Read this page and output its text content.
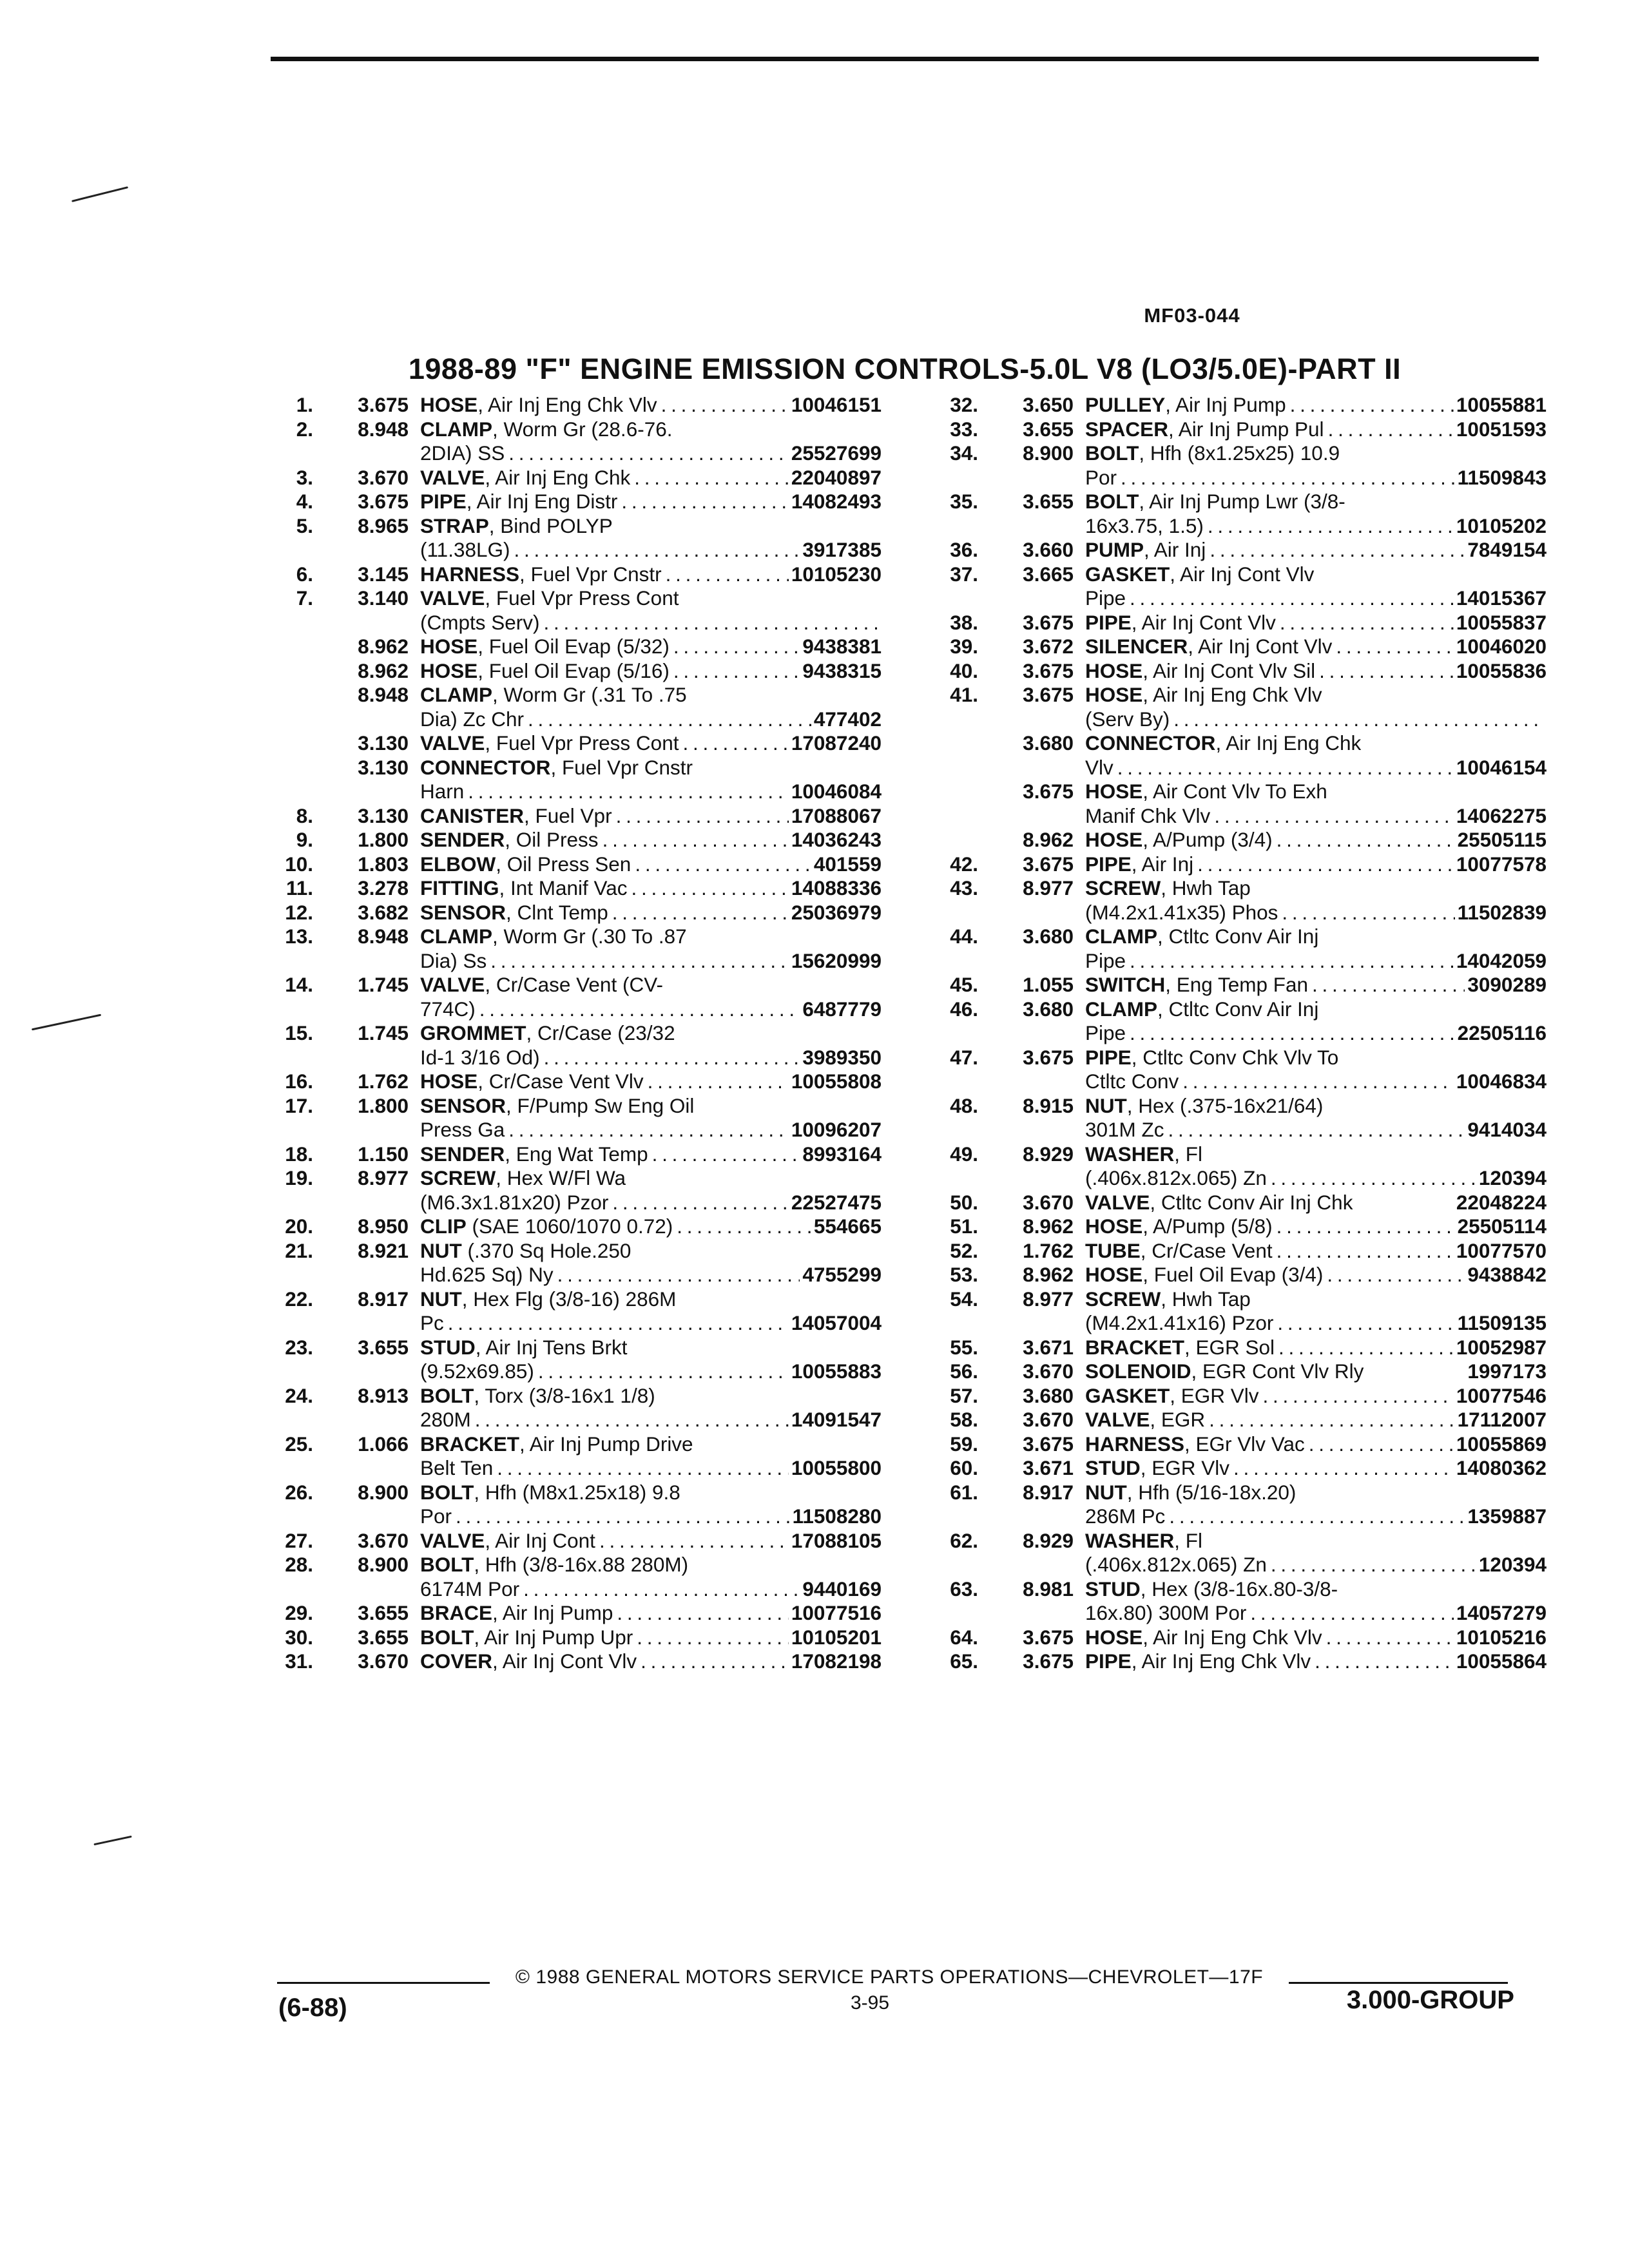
MF03-044
1988-89 "F" ENGINE EMISSION CONTROLS-5.0L V8 (LO3/5.0E)-PART II
1.	3.675 HOSE, Air Inj Eng Chk Vlv . . .	10046151
2.	8.948 CLAMP, Worm Gr (28.6-76.
2DIA) SS . . .	25527699
3.	3.670 VALVE, Air Inj Eng Chk . . .	22040897
4.	3.675 PIPE, Air Inj Eng Distr . . .	14082493
5.	8.965 STRAP, Bind POLYP
(11.38LG) . . .	3917385
6.	3.145 HARNESS, Fuel Vpr Cnstr . . .	10105230
7.	3.140 VALVE, Fuel Vpr Press Cont
(Cmpts Serv)
. . .
8.962 HOSE, Fuel Oil Evap (5/32) . . .	9438381
8.962 HOSE, Fuel Oil Evap (5/16) . . .	9438315
8.948 CLAMP, Worm Gr (.31 To .75
Dia) Zc Chr . . .	477402
3.130 VALVE, Fuel Vpr Press Cont . . .	17087240
3.130 CONNECTOR, Fuel Vpr Cnstr
Harn . . .	10046084
8.	3.130 CANISTER, Fuel Vpr . . .	17088067
9.	1.800 SENDER, Oil Press . . .	14036243
10.	1.803 ELBOW, Oil Press Sen . . .	401559
11.	3.278 FITTING, Int Manif Vac . . .	14088336
12.	3.682 SENSOR, Clnt Temp . . .	25036979
13.	8.948 CLAMP, Worm Gr (.30 To .87
Dia) Ss . . .	15620999
14.	1.745 VALVE, Cr/Case Vent (CV-
774C) . . .	6487779
15.	1.745 GROMMET, Cr/Case (23/32
Id-1 3/16 Od) . . .	3989350
16.	1.762 HOSE, Cr/Case Vent Vlv . . .	10055808
17.	1.800 SENSOR, F/Pump Sw Eng Oil
Press Ga . . .	10096207
18.	1.150 SENDER, Eng Wat Temp . . .	8993164
19.	8.977 SCREW, Hex W/Fl Wa
(M6.3x1.81x20) Pzor . . .	22527475
20.	8.950 CLIP (SAE 1060/1070 0.72) . . .	554665
21.	8.921 NUT (.370 Sq Hole.250
Hd.625 Sq) Ny . . .	4755299
22.	8.917 NUT, Hex Flg (3/8-16) 286M
Pc . . .	14057004
23.	3.655 STUD, Air Inj Tens Brkt
(9.52x69.85) . . .	10055883
24.	8.913 BOLT, Torx (3/8-16x1 1/8)
280M . . .	14091547
25.	1.066 BRACKET, Air Inj Pump Drive
Belt Ten . . .	10055800
26.	8.900 BOLT, Hfh (M8x1.25x18) 9.8
Por . . .	11508280
27.	3.670 VALVE, Air Inj Cont . . .	17088105
28.	8.900 BOLT, Hfh (3/8-16x.88 280M)
6174M Por . . .	9440169
29.	3.655 BRACE, Air Inj Pump . . .	10077516
30.	3.655 BOLT, Air Inj Pump Upr . . .	10105201
31.	3.670 COVER, Air Inj Cont Vlv . . .	17082198
32.	3.650 PULLEY, Air Inj Pump . . .	10055881
33.	3.655 SPACER, Air Inj Pump Pul . . .	10051593
34.	8.900 BOLT, Hfh (8x1.25x25) 10.9
Por . . .	11509843
35.	3.655 BOLT, Air Inj Pump Lwr (3/8-
16x3.75, 1.5) . . .	10105202
36.	3.660 PUMP, Air Inj . . .	7849154
37.	3.665 GASKET, Air Inj Cont Vlv
Pipe . . .	14015367
38.	3.675 PIPE, Air Inj Cont Vlv . . .	10055837
39.	3.672 SILENCER, Air Inj Cont Vlv . . .	10046020
40.	3.675 HOSE, Air Inj Cont Vlv Sil . . .	10055836
41.	3.675 HOSE, Air Inj Eng Chk Vlv
(Serv By)
. . .
3.680 CONNECTOR, Air Inj Eng Chk
Vlv . . .	10046154
3.675 HOSE, Air Cont Vlv To Exh
Manif Chk Vlv . . .	14062275
8.962 HOSE, A/Pump (3/4) . . .	25505115
42.	3.675 PIPE, Air Inj . . .	10077578
43.	8.977 SCREW, Hwh Tap
(M4.2x1.41x35) Phos . . .	11502839
44.	3.680 CLAMP, Ctltc Conv Air Inj
Pipe . . .	14042059
45.	1.055 SWITCH, Eng Temp Fan . . .	3090289
46.	3.680 CLAMP, Ctltc Conv Air Inj
Pipe . . .	22505116
47.	3.675 PIPE, Ctltc Conv Chk Vlv To
Ctltc Conv . . .	10046834
48.	8.915 NUT, Hex (.375-16x21/64)
301M Zc . . .	9414034
49.	8.929 WASHER, Fl
(.406x.812x.065) Zn . . .	120394
50.	3.670 VALVE, Ctltc Conv Air Inj Chk	22048224
51.	8.962 HOSE, A/Pump (5/8) . . .	25505114
52.	1.762 TUBE, Cr/Case Vent . . .	10077570
53.	8.962 HOSE, Fuel Oil Evap (3/4) . . .	9438842
54.	8.977 SCREW, Hwh Tap
(M4.2x1.41x16) Pzor . . .	11509135
55.	3.671 BRACKET, EGR Sol . . .	10052987
56.	3.670 SOLENOID, EGR Cont Vlv Rly	1997173
57.	3.680 GASKET, EGR Vlv . . .	10077546
58.	3.670 VALVE, EGR . . .	17112007
59.	3.675 HARNESS, EGr Vlv Vac . . .	10055869
60.	3.671 STUD, EGR Vlv . . .	14080362
61.	8.917 NUT, Hfh (5/16-18x.20)
286M Pc . . .	1359887
62.	8.929 WASHER, Fl
(.406x.812x.065) Zn . . .	120394
63.	8.981 STUD, Hex (3/8-16x.80-3/8-
16x.80) 300M Por . . .	14057279
64.	3.675 HOSE, Air Inj Eng Chk Vlv . . .	10105216
65.	3.675 PIPE, Air Inj Eng Chk Vlv . . .	10055864
© 1988 GENERAL MOTORS SERVICE PARTS OPERATIONS—CHEVROLET—17F
3-95
(6-88)	3.000-GROUP
